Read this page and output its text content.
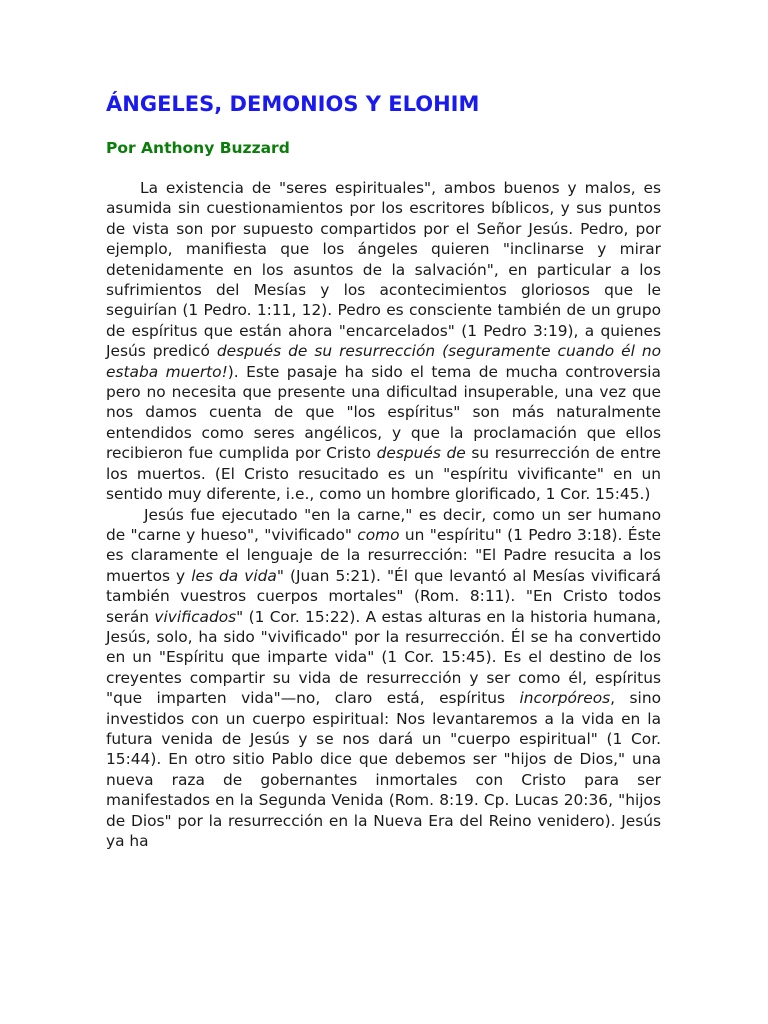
ÁNGELES, DEMONIOS Y ELOHIM
Por Anthony Buzzard

La existencia de "seres espirituales", ambos buenos y malos, es asumida sin cuestionamientos por los escritores bíblicos, y sus puntos de vista son por supuesto compartidos por el Señor Jesús. Pedro, por ejemplo, manifiesta que los ángeles quieren "inclinarse y mirar detenidamente en los asuntos de la salvación", en particular a los sufrimientos del Mesías y los acontecimientos gloriosos que le seguirían (1 Pedro. 1:11, 12). Pedro es consciente también de un grupo de espíritus que están ahora "encarcelados" (1 Pedro 3:19), a quienes Jesús predicó después de su resurrección (seguramente cuando él no estaba muerto!). Este pasaje ha sido el tema de mucha controversia pero no necesita que presente una dificultad insuperable, una vez que nos damos cuenta de que "los espíritus" son más naturalmente entendidos como seres angélicos, y que la proclamación que ellos recibieron fue cumplida por Cristo después de su resurrección de entre los muertos. (El Cristo resucitado es un "espíritu vivificante" en un sentido muy diferente, i.e., como un hombre glorificado, 1 Cor. 15:45.)

Jesús fue ejecutado "en la carne," es decir, como un ser humano de "carne y hueso", "vivificado" como un "espíritu" (1 Pedro 3:18). Éste es claramente el lenguaje de la resurrección: "El Padre resucita a los muertos y les da vida" (Juan 5:21). "Él que levantó al Mesías vivificará también vuestros cuerpos mortales" (Rom. 8:11). "En Cristo todos serán vivificados" (1 Cor. 15:22). A estas alturas en la historia humana, Jesús, solo, ha sido "vivificado" por la resurrección. Él se ha convertido en un "Espíritu que imparte vida" (1 Cor. 15:45). Es el destino de los creyentes compartir su vida de resurrección y ser como él, espíritus "que imparten vida"—no, claro está, espíritus incorpóreos, sino investidos con un cuerpo espiritual: Nos levantaremos a la vida en la futura venida de Jesús y se nos dará un "cuerpo espiritual" (1 Cor. 15:44). En otro sitio Pablo dice que debemos ser "hijos de Dios," una nueva raza de gobernantes inmortales con Cristo para ser manifestados en la Segunda Venida (Rom. 8:19. Cp. Lucas 20:36, "hijos de Dios" por la resurrección en la Nueva Era del Reino venidero). Jesús ya ha
